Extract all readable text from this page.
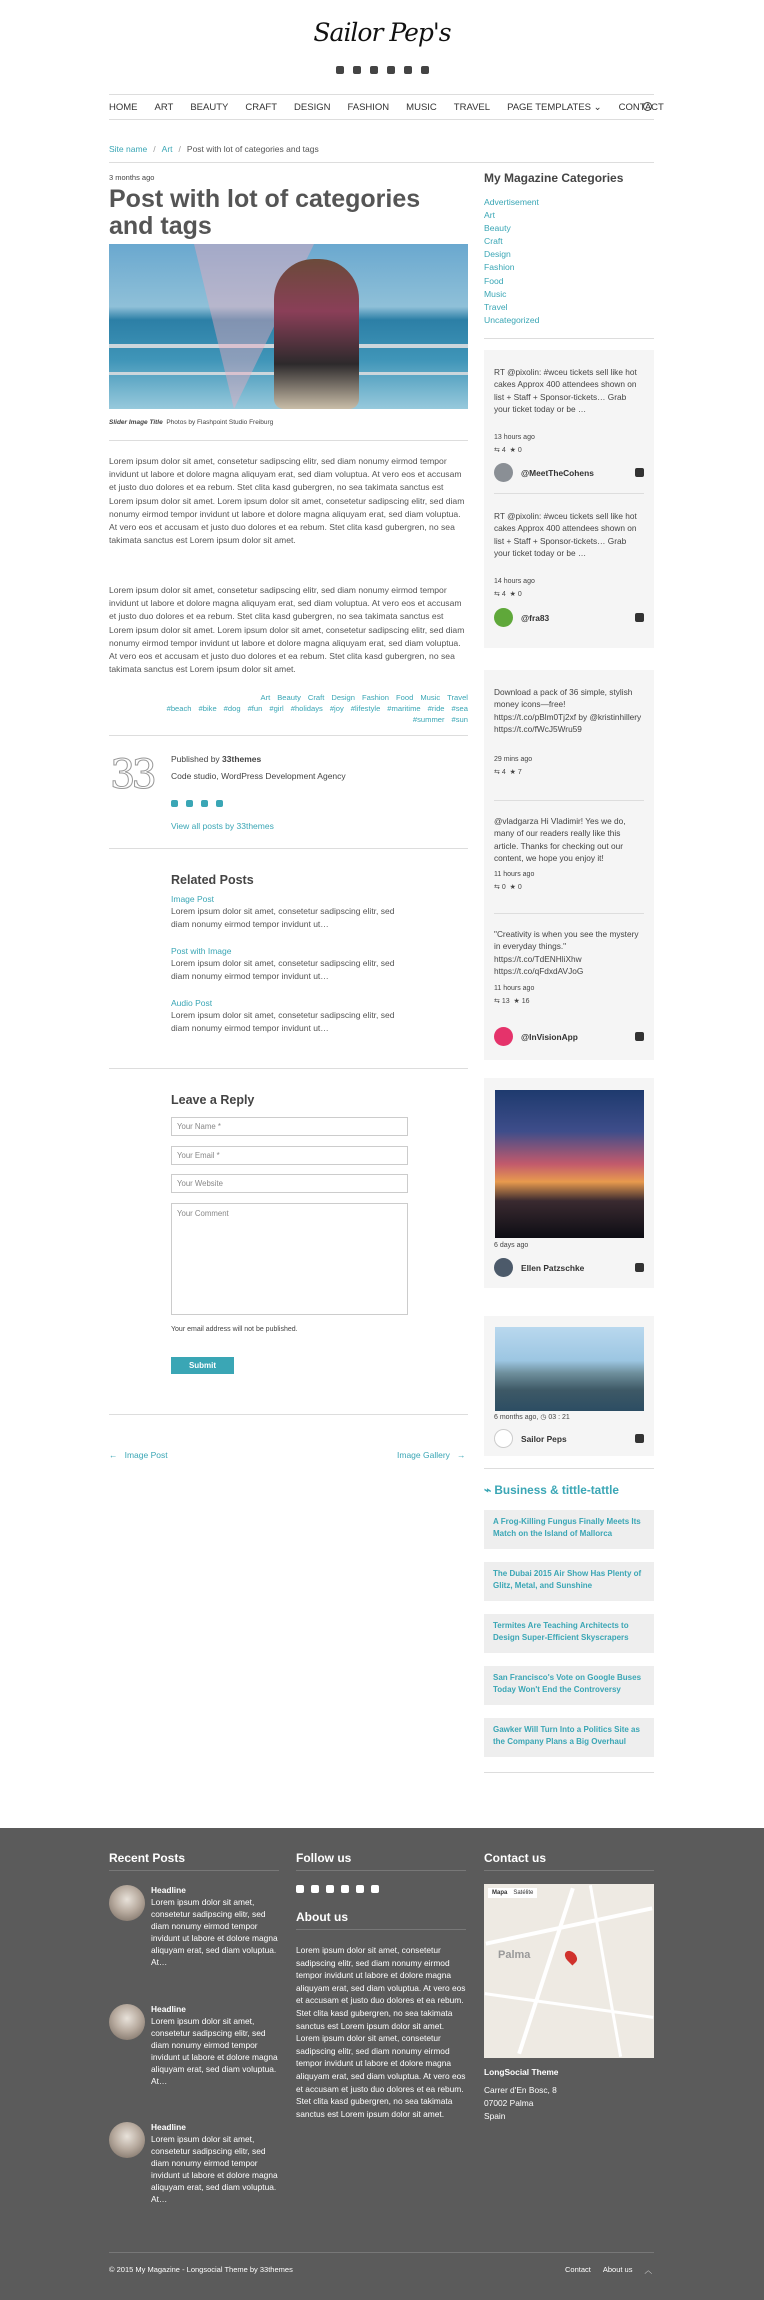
Sailor Pep's
HOME ART BEAUTY CRAFT DESIGN FASHION MUSIC TRAVEL PAGE TEMPLATES ⌄ CONTACT
Site name / Art / Post with lot of categories and tags
3 months ago
Post with lot of categories and tags
Slider Image Title Photos by Flashpoint Studio Freiburg

Lorem ipsum dolor sit amet, consetetur sadipscing elitr, sed diam nonumy eirmod tempor invidunt ut labore et dolore magna aliquyam erat, sed diam voluptua. At vero eos et accusam et justo duo dolores et ea rebum. Stet clita kasd gubergren, no sea takimata sanctus est Lorem ipsum dolor sit amet. Lorem ipsum dolor sit amet, consetetur sadipscing elitr, sed diam nonumy eirmod tempor invidunt ut labore et dolore magna aliquyam erat, sed diam voluptua. At vero eos et accusam et justo duo dolores et ea rebum. Stet clita kasd gubergren, no sea takimata sanctus est Lorem ipsum dolor sit amet.

Lorem ipsum dolor sit amet, consetetur sadipscing elitr, sed diam nonumy eirmod tempor invidunt ut labore et dolore magna aliquyam erat, sed diam voluptua. At vero eos et accusam et justo duo dolores et ea rebum. Stet clita kasd gubergren, no sea takimata sanctus est Lorem ipsum dolor sit amet. Lorem ipsum dolor sit amet, consetetur sadipscing elitr, sed diam nonumy eirmod tempor invidunt ut labore et dolore magna aliquyam erat, sed diam voluptua. At vero eos et accusam et justo duo dolores et ea rebum. Stet clita kasd gubergren, no sea takimata sanctus est Lorem ipsum dolor sit amet.

Art Beauty Craft Design Fashion Food Music Travel
#beach #bike #dog #fun #girl #holidays #joy #lifestyle #maritime #ride #sea
#summer #sun
33 Published by 33themes
Code studio, WordPress Development Agency
View all posts by 33themes
Related Posts
Image Post
Lorem ipsum dolor sit amet, consetetur sadipscing elitr, sed diam nonumy eirmod tempor invidunt ut…
Post with Image
Lorem ipsum dolor sit amet, consetetur sadipscing elitr, sed diam nonumy eirmod tempor invidunt ut…
Audio Post
Lorem ipsum dolor sit amet, consetetur sadipscing elitr, sed diam nonumy eirmod tempor invidunt ut…
Leave a Reply
Your Name *
Your Email *
Your Website
Your Comment
Your email address will not be published.
Submit
← Image Post	Image Gallery →
My Magazine Categories
Advertisement
Art
Beauty
Craft
Design
Fashion
Food
Music
Travel
Uncategorized
RT @pixolin: #wceu tickets sell like hot cakes Approx 400 attendees shown on list + Staff + Sponsor-tickets… Grab your ticket today or be …
13 hours ago
⇆ 4 ★ 0
@MeetTheCohens
RT @pixolin: #wceu tickets sell like hot cakes Approx 400 attendees shown on list + Staff + Sponsor-tickets… Grab your ticket today or be …
14 hours ago
⇆ 4 ★ 0
@fra83
Download a pack of 36 simple, stylish money icons—free! https://t.co/pBlm0Tj2xf by @kristinhillery https://t.co/fWcJ5Wru59
29 mins ago
⇆ 4 ★ 7
@vladgarza Hi Vladimir! Yes we do, many of our readers really like this article. Thanks for checking out our content, we hope you enjoy it!
11 hours ago
⇆ 0 ★ 0
"Creativity is when you see the mystery in everyday things." https://t.co/TdENHliXhw https://t.co/qFdxdAVJoG
11 hours ago
⇆ 13 ★ 16
@InVisionApp
6 days ago
Ellen Patzschke
6 months ago, ◷ 03 : 21
Sailor Peps
⌁ Business & tittle-tattle
A Frog-Killing Fungus Finally Meets Its Match on the Island of Mallorca
The Dubai 2015 Air Show Has Plenty of Glitz, Metal, and Sunshine
Termites Are Teaching Architects to Design Super-Efficient Skyscrapers
San Francisco's Vote on Google Buses Today Won't End the Controversy
Gawker Will Turn Into a Politics Site as the Company Plans a Big Overhaul
Recent Posts
Headline
Lorem ipsum dolor sit amet, consetetur sadipscing elitr, sed diam nonumy eirmod tempor invidunt ut labore et dolore magna aliquyam erat, sed diam voluptua. At…
Headline
Lorem ipsum dolor sit amet, consetetur sadipscing elitr, sed diam nonumy eirmod tempor invidunt ut labore et dolore magna aliquyam erat, sed diam voluptua. At…
Headline
Lorem ipsum dolor sit amet, consetetur sadipscing elitr, sed diam nonumy eirmod tempor invidunt ut labore et dolore magna aliquyam erat, sed diam voluptua. At…
Follow us
About us
Lorem ipsum dolor sit amet, consetetur sadipscing elitr, sed diam nonumy eirmod tempor invidunt ut labore et dolore magna aliquyam erat, sed diam voluptua. At vero eos et accusam et justo duo dolores et ea rebum. Stet clita kasd gubergren, no sea takimata sanctus est Lorem ipsum dolor sit amet. Lorem ipsum dolor sit amet, consetetur sadipscing elitr, sed diam nonumy eirmod tempor invidunt ut labore et dolore magna aliquyam erat, sed diam voluptua. At vero eos et accusam et justo duo dolores et ea rebum. Stet clita kasd gubergren, no sea takimata sanctus est Lorem ipsum dolor sit amet.
Contact us
Mapa Satélite
Palma
LongSocial Theme
Carrer d'En Bosc, 8
07002 Palma
Spain
© 2015 My Magazine - Longsocial Theme by 33themes	Contact About us ︿
